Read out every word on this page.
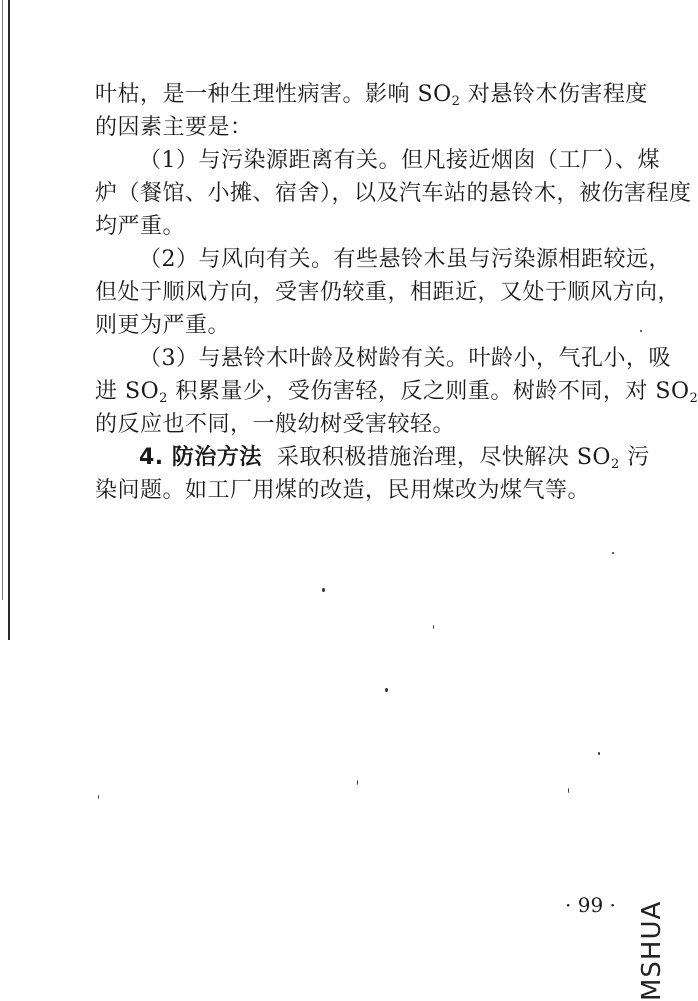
叶枯，是一种生理性病害。影响 $SO_2$ 对悬铃木伤害程度
的因素主要是：
（1）与污染源距离有关。但凡接近烟囱（工厂）、煤
炉（餐馆、小摊、宿舍），以及汽车站的悬铃木，被伤害程度
均严重。
（2）与风向有关。有些悬铃木虽与污染源相距较远，
但处于顺风方向，受害仍较重，相距近，又处于顺风方向，
则更为严重。
（3）与悬铃木叶龄及树龄有关。叶龄小，气孔小，吸
进 $SO_2$ 积累量少，受伤害轻，反之则重。树龄不同，对 $SO_2$
的反应也不同，一般幼树受害较轻。
4. 防治方法 采取积极措施治理，尽快解决 $SO_2$ 污
染问题。如工厂用煤的改造，民用煤改为煤气等。
· 99 · MSHUA
